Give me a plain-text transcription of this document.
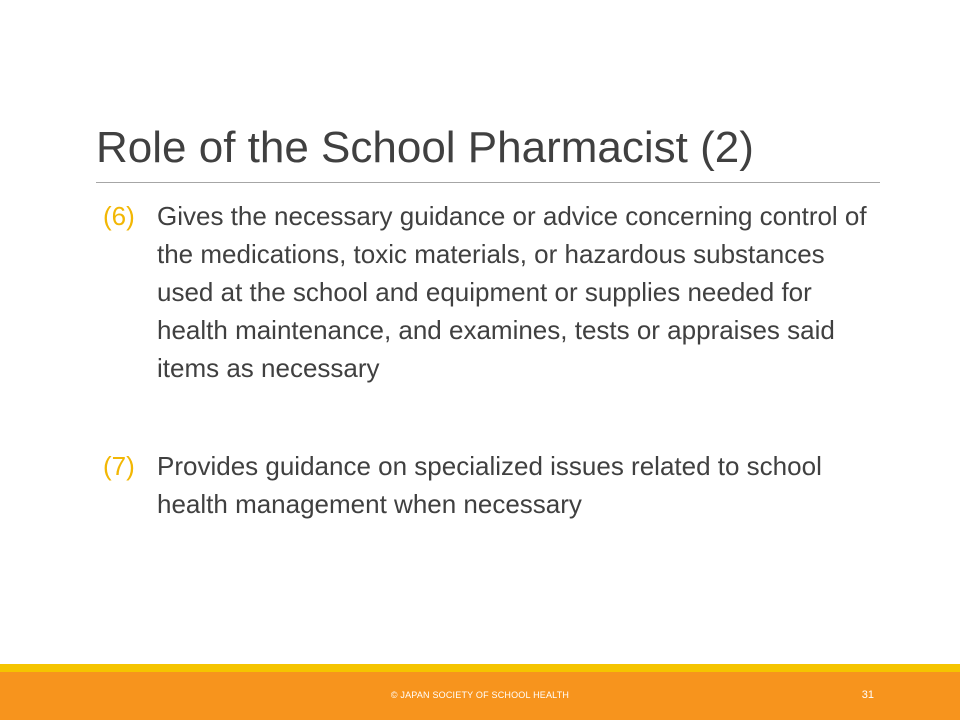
Role of the School Pharmacist (2)
(6) Gives the necessary guidance or advice concerning control of the medications, toxic materials, or hazardous substances used at the school and equipment or supplies needed for health maintenance, and examines, tests or appraises said items as necessary
(7) Provides guidance on specialized issues related to school health management when necessary
© JAPAN SOCIETY OF SCHOOL HEALTH	31
